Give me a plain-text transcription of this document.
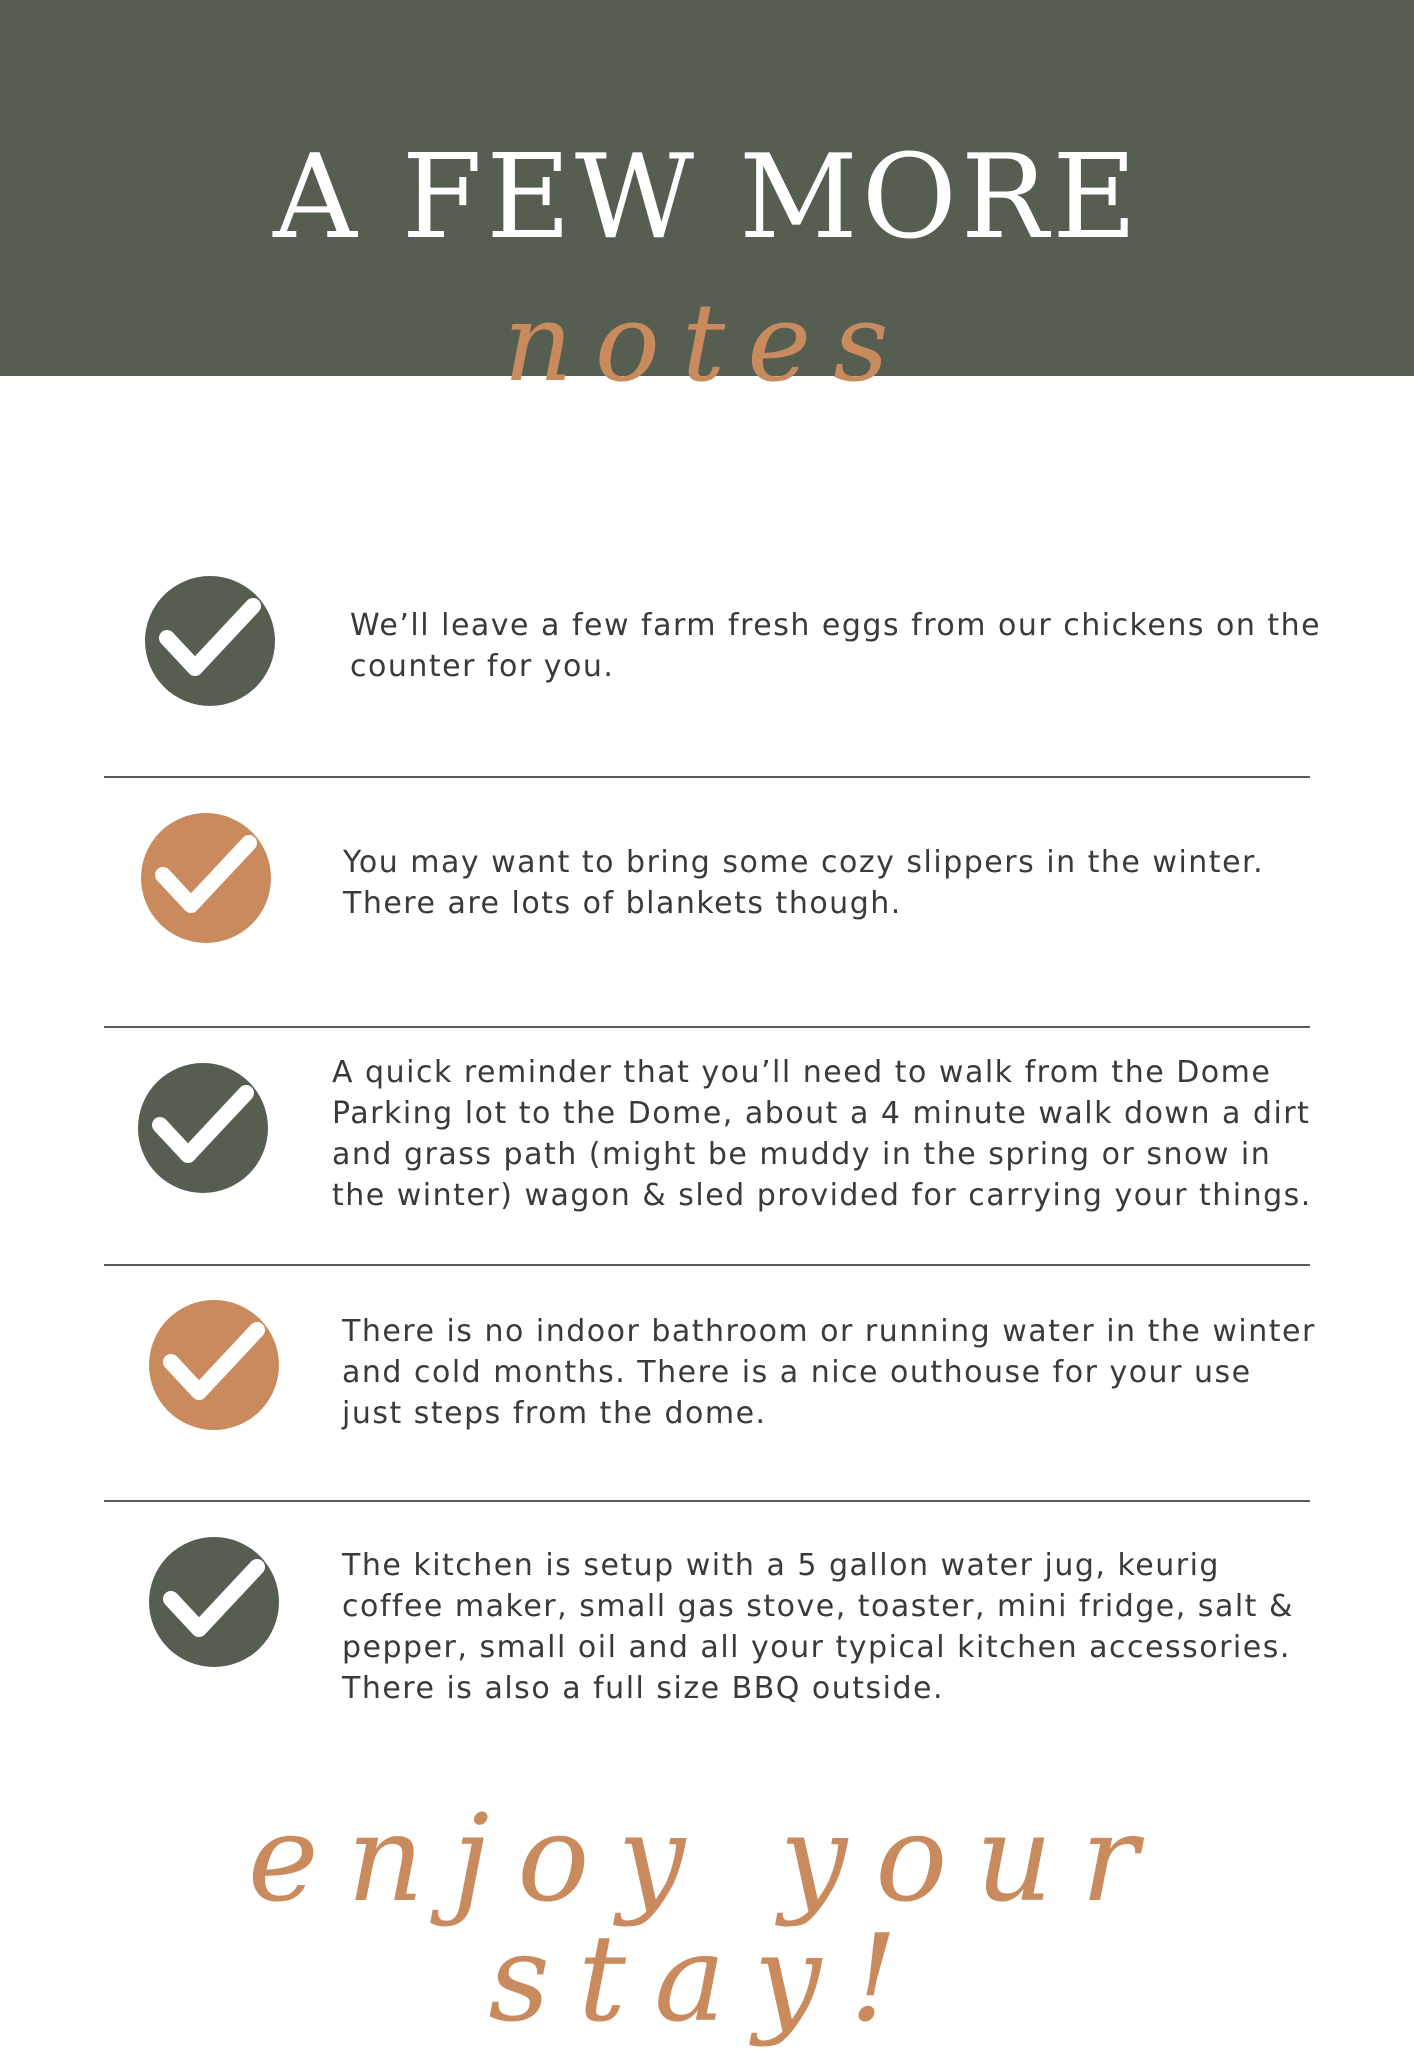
A FEW MORE
notes
We’ll leave a few farm fresh eggs from our chickens on the
counter for you.
You may want to bring some cozy slippers in the winter.
There are lots of blankets though.
A quick reminder that you’ll need to walk from the Dome
Parking lot to the Dome, about a 4 minute walk down a dirt
and grass path (might be muddy in the spring or snow in
the winter) wagon & sled provided for carrying your things.
There is no indoor bathroom or running water in the winter
and cold months. There is a nice outhouse for your use
just steps from the dome.
The kitchen is setup with a 5 gallon water jug, keurig
coffee maker, small gas stove, toaster, mini fridge, salt &
pepper, small oil and all your typical kitchen accessories.
There is also a full size BBQ outside.
enjoy your stay!
